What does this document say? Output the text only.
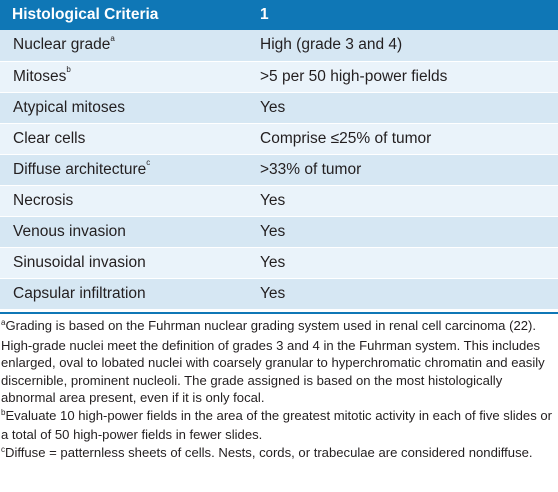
Histological Criteria	1
Nuclear grade$^a$	High (grade 3 and 4)
Mitoses$^b$	>5 per 50 high-power fields
Atypical mitoses	Yes
Clear cells	Comprise ≤25% of tumor
Diffuse architecture$^c$	>33% of tumor
Necrosis	Yes
Venous invasion	Yes
Sinusoidal invasion	Yes
Capsular infiltration	Yes

$^a$Grading is based on the Fuhrman nuclear grading system used in renal cell carcinoma (22). High-grade nuclei meet the definition of grades 3 and 4 in the Fuhrman system. This includes enlarged, oval to lobated nuclei with coarsely granular to hyperchromatic chromatin and easily discernible, prominent nucleoli. The grade assigned is based on the most histologically abnormal area present, even if it is only focal.

$^b$Evaluate 10 high-power fields in the area of the greatest mitotic activity in each of five slides or a total of 50 high-power fields in fewer slides.

$^c$Diffuse = patternless sheets of cells. Nests, cords, or trabeculae are considered nondiffuse.
